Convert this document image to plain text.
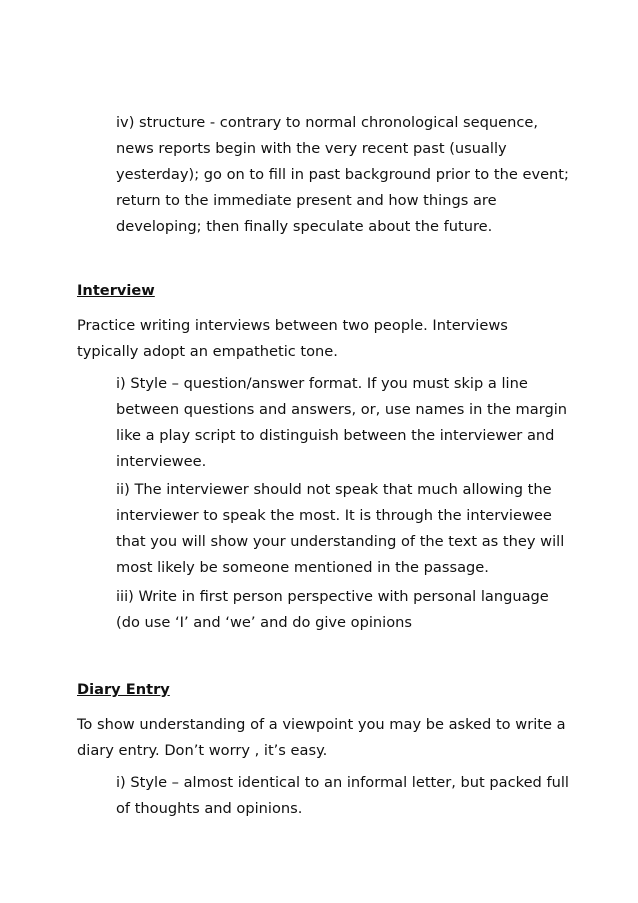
iv) structure - contrary to normal chronological sequence, news reports begin with the very recent past (usually yesterday); go on to fill in past background prior to the event; return to the immediate present and how things are developing; then finally speculate about the future.

Interview

Practice writing interviews between two people. Interviews typically adopt an empathetic tone.

i) Style – question/answer format. If you must skip a line between questions and answers, or, use names in the margin like a play script to distinguish between the interviewer and interviewee.

ii) The interviewer should not speak that much allowing the interviewer to speak the most. It is through the interviewee that you will show your understanding of the text as they will most likely be someone mentioned in the passage.

iii) Write in first person perspective with personal language (do use ‘I’ and ‘we’ and do give opinions

Diary Entry

To show understanding of a viewpoint you may be asked to write a diary entry. Don’t worry , it’s easy.

i) Style – almost identical to an informal letter, but packed full of thoughts and opinions.
